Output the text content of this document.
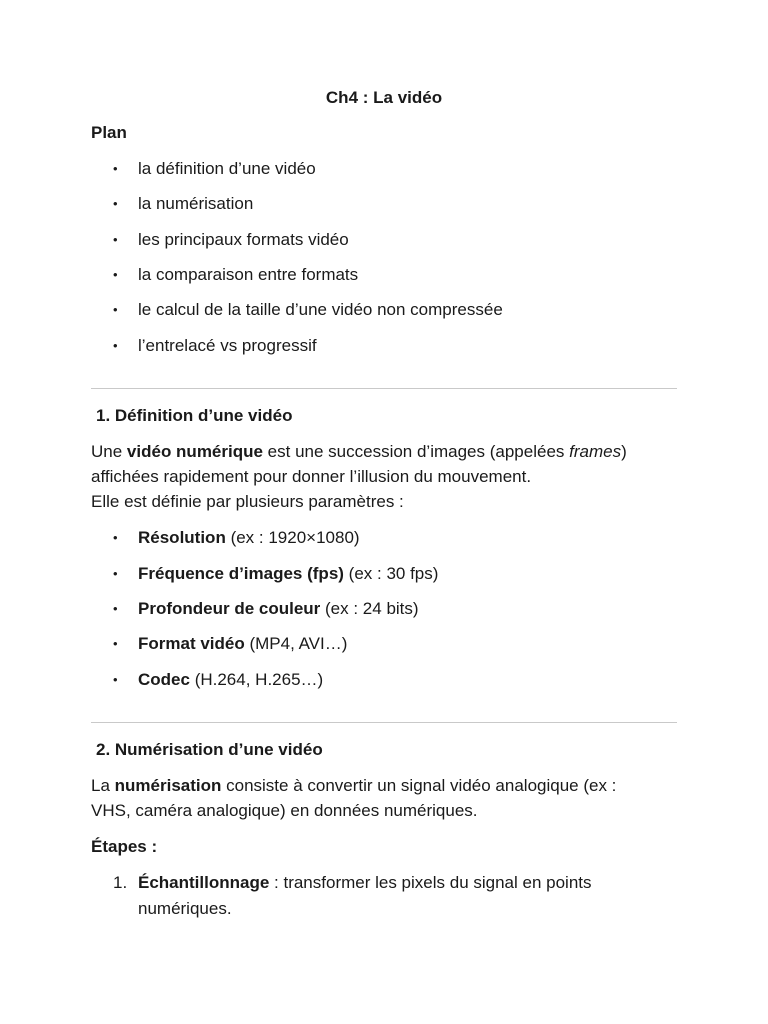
Ch4 : La vidéo
Plan
• la définition d’une vidéo
• la numérisation
• les principaux formats vidéo
• la comparaison entre formats
• le calcul de la taille d’une vidéo non compressée
• l’entrelacé vs progressif
1. Définition d’une vidéo
Une vidéo numérique est une succession d’images (appelées frames)
affichées rapidement pour donner l’illusion du mouvement.
Elle est définie par plusieurs paramètres :
• Résolution (ex : 1920×1080)
• Fréquence d’images (fps) (ex : 30 fps)
• Profondeur de couleur (ex : 24 bits)
• Format vidéo (MP4, AVI…)
• Codec (H.264, H.265…)
2. Numérisation d’une vidéo
La numérisation consiste à convertir un signal vidéo analogique (ex :
VHS, caméra analogique) en données numériques.
Étapes :
1. Échantillonnage : transformer les pixels du signal en points
numériques.
